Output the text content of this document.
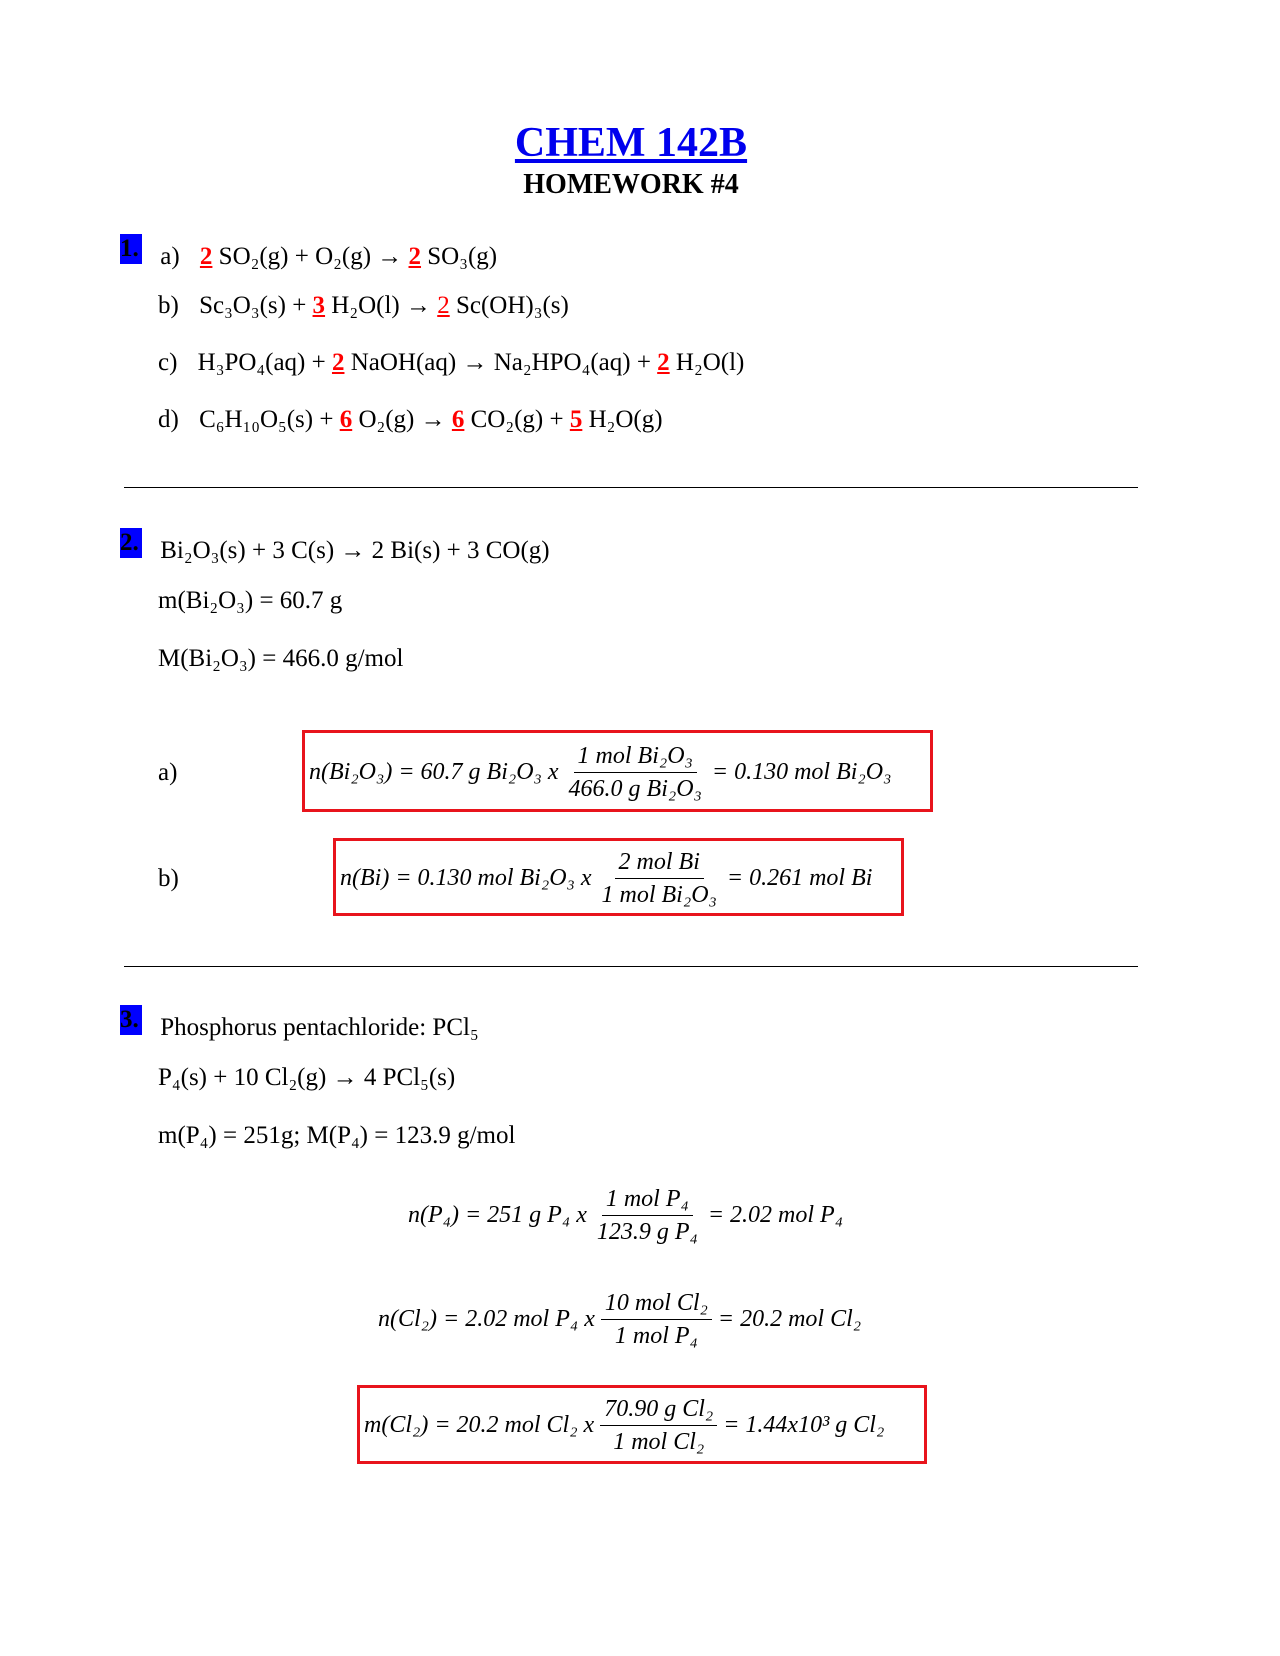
CHEM 142B
HOMEWORK #4
1. a) 2 SO₂(g) + O₂(g) → 2 SO₃(g)
b) Sc₃O₃(s) + 3 H₂O(l) → 2 Sc(OH)₃(s)
c) H₃PO₄(aq) + 2 NaOH(aq) → Na₂HPO₄(aq) + 2 H₂O(l)
d) C₆H₁₀O₅(s) + 6 O₂(g) → 6 CO₂(g) + 5 H₂O(g)
2. Bi₂O₃(s) + 3 C(s) → 2 Bi(s) + 3 CO(g)
m(Bi₂O₃) = 60.7 g
M(Bi₂O₃) = 466.0 g/mol
a)	n(Bi₂O₃) = 60.7
g Bi₂O₃ x $\frac{\text{1 mol Bi₂O₃}}{\text{466.0 g Bi₂O₃}} = 0.130$ mol Bi₂O₃
b)	n(Bi) = 0.130
mol Bi₂O₃ x $\frac{\text{2 mol Bi}}{\text{1 mol Bi₂O₃}} = 0.261$ mol Bi
3. Phosphorus pentachloride: PCl₅
P₄(s) + 10 Cl₂(g) → 4 PCl₅(s)
m(P₄) = 251g; M(P₄) = 123.9 g/mol
n(P₄) = 251 g P₄ x $\frac{\text{1 mol P₄}}{\text{123.9 g P₄}} = 2.02$ mol P₄
n(Cl₂) = 2.02 mol P₄ x $\frac{\text{10 mol Cl₂}}{\text{1 mol P₄}} = 20.2$ mol Cl₂
m(Cl₂) = 20.2 mol Cl₂ x $\frac{\text{70.90 g Cl₂}}{\text{1 mol Cl₂}} = 1.44x10^3$ g Cl₂
